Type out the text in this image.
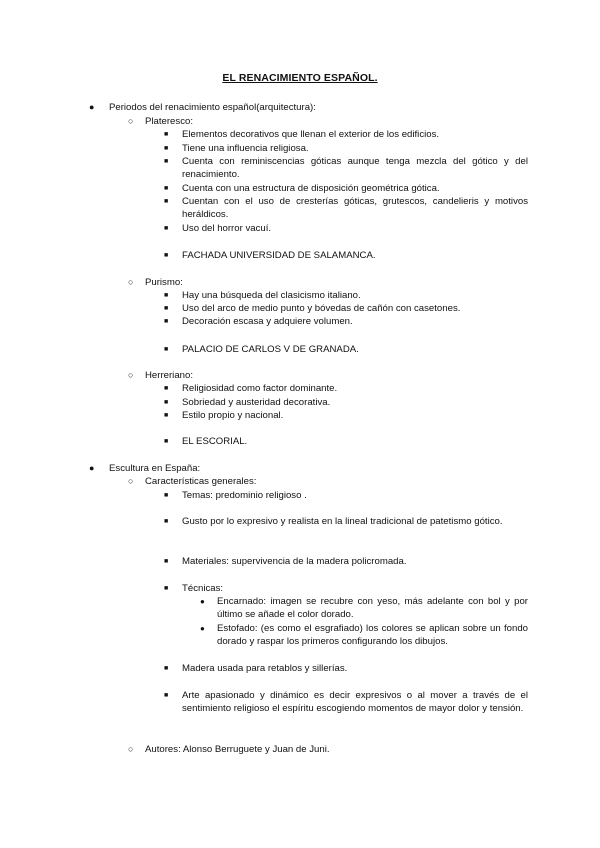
EL RENACIMIENTO ESPAÑOL.
● Periodos del renacimiento español(arquitectura):
○ Plateresco:
■ Elementos decorativos que llenan el exterior de los edificios.
■ Tiene una influencia religiosa.
■ Cuenta con reminiscencias góticas aunque tenga mezcla del gótico y del renacimiento.
■ Cuenta con una estructura de disposición geométrica gótica.
■ Cuentan con el uso de cresterías góticas, grutescos, candelieris y motivos heráldicos.
■ Uso del horror vacuí.
■ FACHADA UNIVERSIDAD DE SALAMANCA.
○ Purismo:
■ Hay una búsqueda del clasicismo italiano.
■ Uso del arco de medio punto y bóvedas de cañón con casetones.
■ Decoración escasa y adquiere volumen.
■ PALACIO DE CARLOS V DE GRANADA.
○ Herreriano:
■ Religiosidad como factor dominante.
■ Sobriedad y austeridad decorativa.
■ Estilo propio y nacional.
■ EL ESCORIAL.
● Escultura en España:
○ Características generales:
■ Temas: predominio religioso .
■ Gusto por lo expresivo y realista en la lineal tradicional de patetismo gótico.
■ Materiales: supervivencia de la madera policromada.
■ Técnicas:
● Encarnado: imagen se recubre con yeso, más adelante con bol y por último se añade el color dorado.
● Estofado: (es como el esgrafiado) los colores se aplican sobre un fondo dorado y raspar los primeros configurando los dibujos.
■ Madera usada para retablos y sillerías.
■ Arte apasionado y dinámico es decir expresivos o al mover a través de el sentimiento religioso el espíritu escogiendo momentos de mayor dolor y tensión.
○ Autores: Alonso Berruguete y Juan de Juni.
